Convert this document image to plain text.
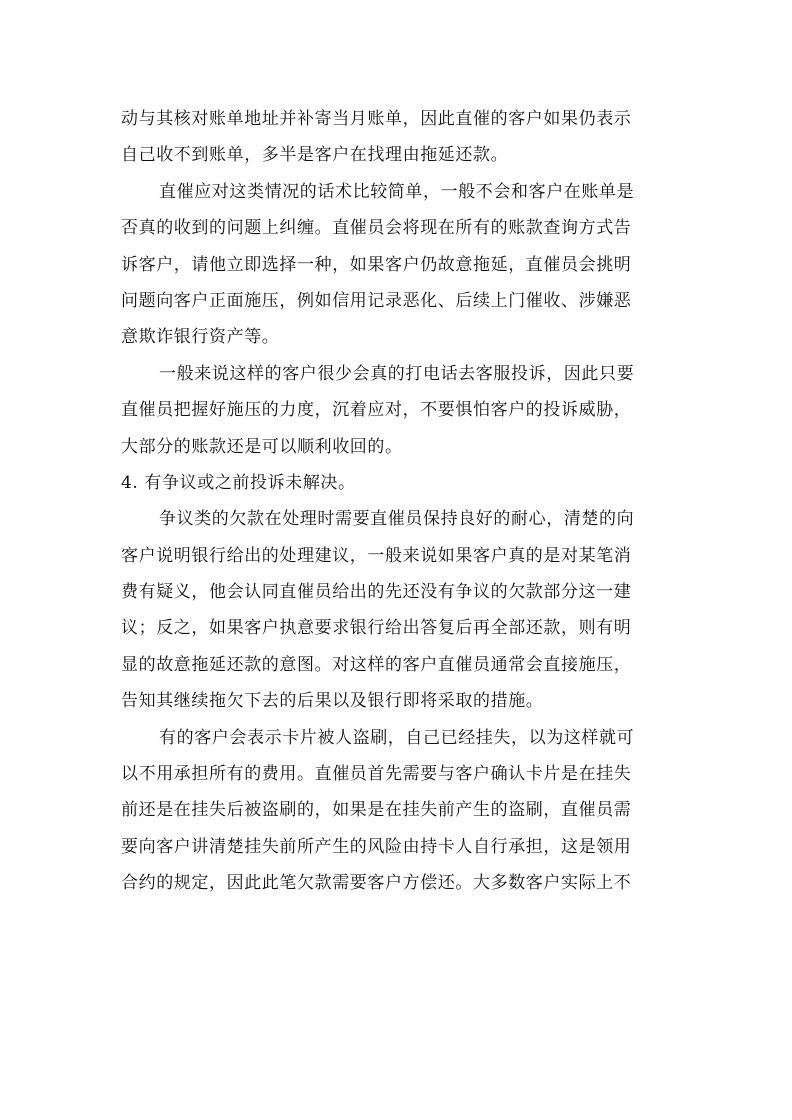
动与其核对账单地址并补寄当月账单，因此直催的客户如果仍表示
自己收不到账单，多半是客户在找理由拖延还款。
直催应对这类情况的话术比较简单，一般不会和客户在账单是
否真的收到的问题上纠缠。直催员会将现在所有的账款查询方式告
诉客户，请他立即选择一种，如果客户仍故意拖延，直催员会挑明
问题向客户正面施压，例如信用记录恶化、后续上门催收、涉嫌恶
意欺诈银行资产等。
一般来说这样的客户很少会真的打电话去客服投诉，因此只要
直催员把握好施压的力度，沉着应对，不要惧怕客户的投诉威胁，
大部分的账款还是可以顺利收回的。
4. 有争议或之前投诉未解决。
争议类的欠款在处理时需要直催员保持良好的耐心，清楚的向
客户说明银行给出的处理建议，一般来说如果客户真的是对某笔消
费有疑义，他会认同直催员给出的先还没有争议的欠款部分这一建
议；反之，如果客户执意要求银行给出答复后再全部还款，则有明
显的故意拖延还款的意图。对这样的客户直催员通常会直接施压，
告知其继续拖欠下去的后果以及银行即将采取的措施。
有的客户会表示卡片被人盗刷，自己已经挂失，以为这样就可
以不用承担所有的费用。直催员首先需要与客户确认卡片是在挂失
前还是在挂失后被盗刷的，如果是在挂失前产生的盗刷，直催员需
要向客户讲清楚挂失前所产生的风险由持卡人自行承担，这是领用
合约的规定，因此此笔欠款需要客户方偿还。大多数客户实际上不
